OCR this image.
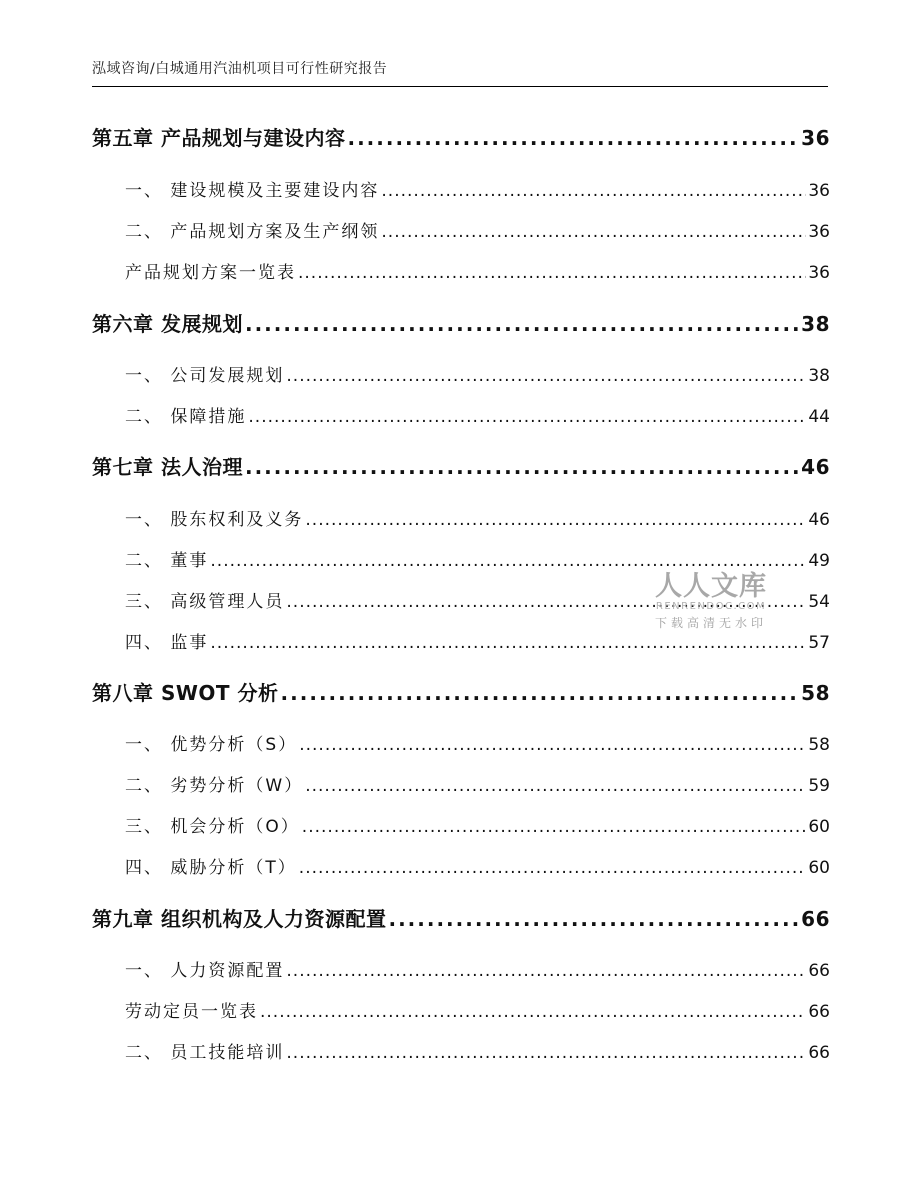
泓域咨询/白城通用汽油机项目可行性研究报告
第五章 产品规划与建设内容 .....	36
一、 建设规模及主要建设内容 .....	36
二、 产品规划方案及生产纲领 .....	36
产品规划方案一览表 .....	36
第六章 发展规划 .....	38
一、 公司发展规划 .....	38
二、 保障措施 .....	44
第七章 法人治理 .....	46
一、 股东权利及义务 .....	46
二、 董事 .....	49
三、 高级管理人员 .....	54
四、 监事 .....	57
第八章 SWOT 分析 .....	58
一、 优势分析（S） .....	58
二、 劣势分析（W） .....	59
三、 机会分析（O） .....	60
四、 威胁分析（T） .....	60
第九章 组织机构及人力资源配置 .....	66
一、 人力资源配置 .....	66
劳动定员一览表 .....	66
二、 员工技能培训 .....	66
人人文库
RENRENDOC.COM
下载高清无水印
